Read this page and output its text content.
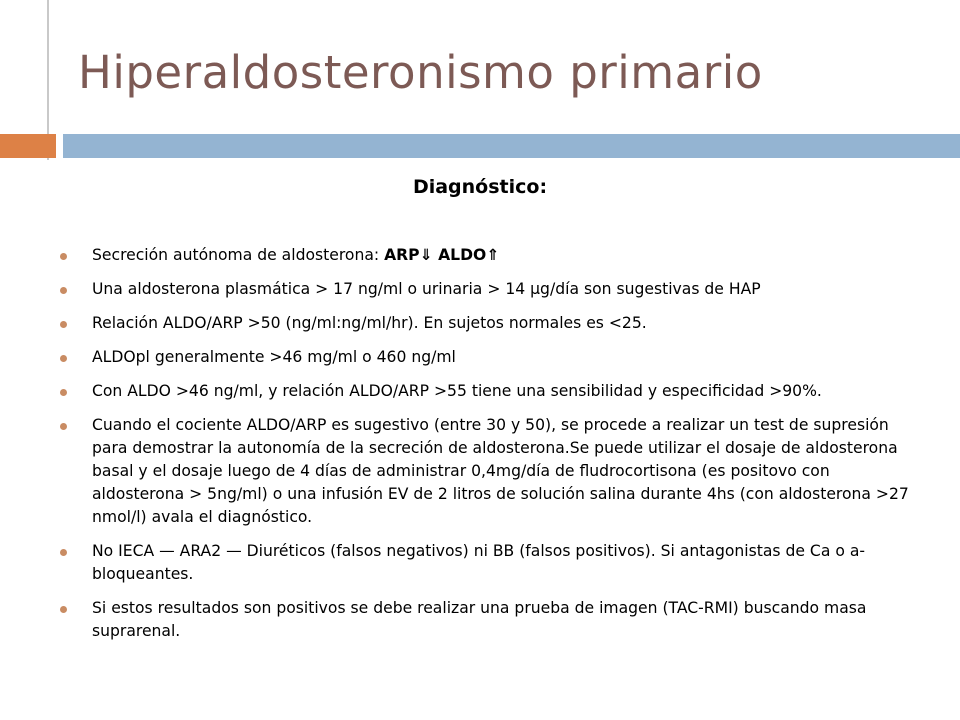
Hiperaldosteronismo primario
Diagnóstico:
Secreción autónoma de aldosterona: ARP⇓ ALDO⇑
Una aldosterona plasmática > 17 ng/ml o urinaria > 14 μg/día son sugestivas de HAP
Relación ALDO/ARP >50 (ng/ml:ng/ml/hr). En sujetos normales es <25.
ALDOpl generalmente >46 mg/ml o 460 ng/ml
Con ALDO >46 ng/ml, y relación ALDO/ARP >55 tiene una sensibilidad y especificidad >90%.
Cuando el cociente ALDO/ARP es sugestivo (entre 30 y 50), se procede a realizar un test de supresión para demostrar la autonomía de la secreción de aldosterona.Se puede utilizar el dosaje de aldosterona basal y el dosaje luego de 4 días de administrar 0,4mg/día de fludrocortisona (es positovo con aldosterona > 5ng/ml) o una infusión EV de 2 litros de solución salina durante 4hs (con aldosterona >27 nmol/l) avala el diagnóstico.
No IECA — ARA2 — Diuréticos (falsos negativos) ni BB (falsos positivos). Si antagonistas de Ca o a-bloqueantes.
Si estos resultados son positivos se debe realizar una prueba de imagen (TAC-RMI) buscando masa suprarenal.
